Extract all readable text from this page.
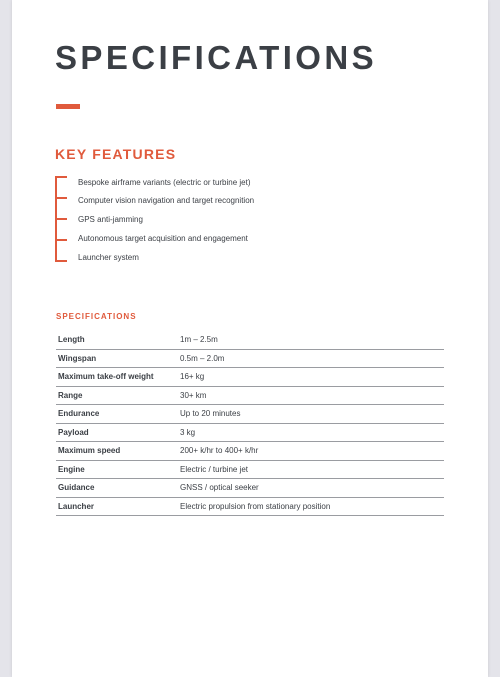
SPECIFICATIONS
KEY FEATURES
Bespoke airframe variants (electric or turbine jet)
Computer vision navigation and target recognition
GPS anti-jamming
Autonomous target acquisition and engagement
Launcher system
SPECIFICATIONS
Length	1m – 2.5m
Wingspan	0.5m – 2.0m
Maximum take-off weight	16+ kg
Range	30+ km
Endurance	Up to 20 minutes
Payload	3 kg
Maximum speed	200+ k/hr to 400+ k/hr
Engine	Electric / turbine jet
Guidance	GNSS / optical seeker
Launcher	Electric propulsion from stationary position
